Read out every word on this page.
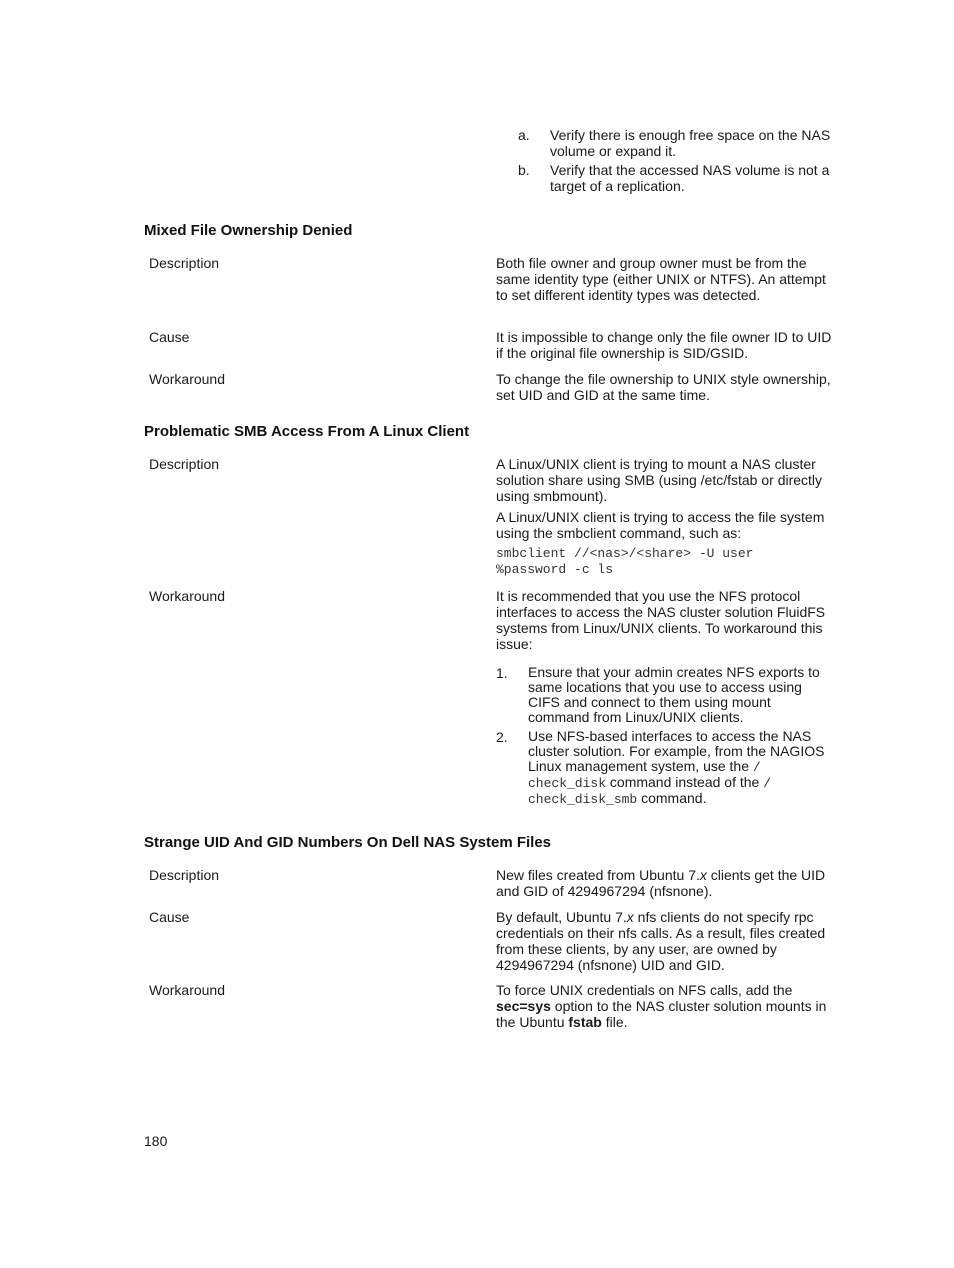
a. Verify there is enough free space on the NAS volume or expand it.
b. Verify that the accessed NAS volume is not a target of a replication.
Mixed File Ownership Denied
Description	Both file owner and group owner must be from the same identity type (either UNIX or NTFS). An attempt to set different identity types was detected.
Cause	It is impossible to change only the file owner ID to UID if the original file ownership is SID/GSID.
Workaround	To change the file ownership to UNIX style ownership, set UID and GID at the same time.
Problematic SMB Access From A Linux Client
Description	A Linux/UNIX client is trying to mount a NAS cluster solution share using SMB (using /etc/fstab or directly using smbmount).
A Linux/UNIX client is trying to access the file system using the smbclient command, such as:
smbclient //<nas>/<share> -U user %password -c ls
Workaround	It is recommended that you use the NFS protocol interfaces to access the NAS cluster solution FluidFS systems from Linux/UNIX clients. To workaround this issue:
1. Ensure that your admin creates NFS exports to same locations that you use to access using CIFS and connect to them using mount command from Linux/UNIX clients.
2. Use NFS-based interfaces to access the NAS cluster solution. For example, from the NAGIOS Linux management system, use the / check_disk command instead of the / check_disk_smb command.
Strange UID And GID Numbers On Dell NAS System Files
Description	New files created from Ubuntu 7.x clients get the UID and GID of 4294967294 (nfsnone).
Cause	By default, Ubuntu 7.x nfs clients do not specify rpc credentials on their nfs calls. As a result, files created from these clients, by any user, are owned by 4294967294 (nfsnone) UID and GID.
Workaround	To force UNIX credentials on NFS calls, add the sec=sys option to the NAS cluster solution mounts in the Ubuntu fstab file.
180
